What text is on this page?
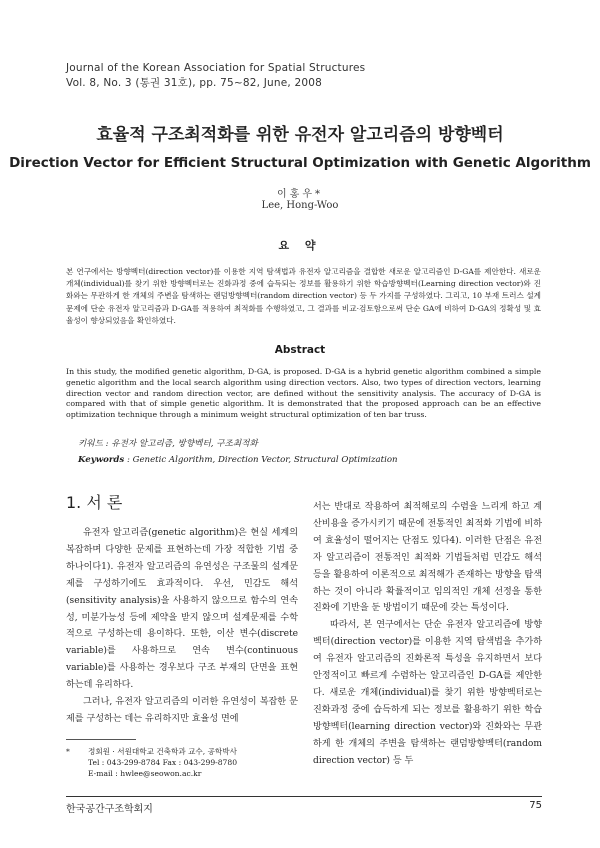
Journal of the Korean Association for Spatial Structures
Vol. 8, No. 3 (통권 31호), pp. 75~82, June, 2008
효율적 구조최적화를 위한 유전자 알고리즘의 방향벡터
Direction Vector for Efficient Structural Optimization with Genetic Algorithm
이홍우*
Lee, Hong-Woo
요 약
본 연구에서는 방향벡터(direction vector)를 이용한 지역 탐색법과 유전자 알고리즘을 결합한 새로운 알고리즘인 D-GA를 제안한다. 새로운 개체(individual)를 찾기 위한 방향벡터로는 진화과정 중에 습득되는 정보를 활용하기 위한 학습방향벡터(Learning direction vector)와 진화와는 무관하게 한 개체의 주변을 탐색하는 랜덤방향벡터(random direction vector) 등 두 가지를 구성하였다. 그리고, 10 부재 트러스 설계 문제에 단순 유전자 알고리즘과 D-GA를 적용하여 최적화를 수행하였고, 그 결과를 비교·검토함으로써 단순 GA에 비하여 D-GA의 정확성 및 효율성이 향상되었음을 확인하였다.
Abstract
In this study, the modified genetic algorithm, D-GA, is proposed. D-GA is a hybrid genetic algorithm combined a simple genetic algorithm and the local search algorithm using direction vectors. Also, two types of direction vectors, learning direction vector and random direction vector, are defined without the sensitivity analysis. The accuracy of D-GA is compared with that of simple genetic algorithm. It is demonstrated that the proposed approach can be an effective optimization technique through a minimum weight structural optimization of ten bar truss.
키워드 : 유전자 알고리즘, 방향벡터, 구조최적화
Keywords : Genetic Algorithm, Direction Vector, Structural Optimization
1. 서 론

유전자 알고리즘(genetic algorithm)은 현실 세계의 복잡하며 다양한 문제를 표현하는데 가장 적합한 기법 중 하나이다1). 유전자 알고리즘의 유연성은 구조물의 설계문제를 구성하기에도 효과적이다. 우선, 민감도 해석(sensitivity analysis)을 사용하지 않으므로 함수의 연속성, 미분가능성 등에 제약을 받지 않으며 설계문제를 수학적으로 구성하는데 용이하다. 또한, 이산 변수(discrete variable)를 사용하므로 연속 변수(continuous variable)를 사용하는 경우보다 구조 부재의 단면을 표현하는데 유리하다.

그러나, 유전자 알고리즘의 이러한 유연성이 복잡한 문제를 구성하는 데는 유리하지만 효율성 면에

서는 반대로 작용하여 최적해로의 수렴을 느리게 하고 계산비용을 증가시키기 때문에 전통적인 최적화 기법에 비하여 효율성이 떨어지는 단점도 있다4). 이러한 단점은 유전자 알고리즘이 전통적인 최적화 기법들처럼 민감도 해석 등을 활용하여 이론적으로 최적해가 존재하는 방향을 탐색하는 것이 아니라 확률적이고 임의적인 개체 선정을 통한 진화에 기반을 둔 방법이기 때문에 갖는 특성이다.

따라서, 본 연구에서는 단순 유전자 알고리즘에 방향벡터(direction vector)를 이용한 지역 탐색법을 추가하여 유전자 알고리즘의 진화론적 특성을 유지하면서 보다 안정적이고 빠르게 수렴하는 알고리즘인 D-GA를 제안한다. 새로운 개체(individual)를 찾기 위한 방향벡터로는 진화과정 중에 습득하게 되는 정보를 활용하기 위한 학습방향벡터(learning direction vector)와 진화와는 무관하게 한 개체의 주변을 탐색하는 랜덤방향벡터(random direction vector) 등 두

* 정회원 · 서원대학교 건축학과 교수, 공학박사
Tel : 043-299-8784 Fax : 043-299-8780
E-mail : hwlee@seowon.ac.kr
한국공간구조학회지	75
